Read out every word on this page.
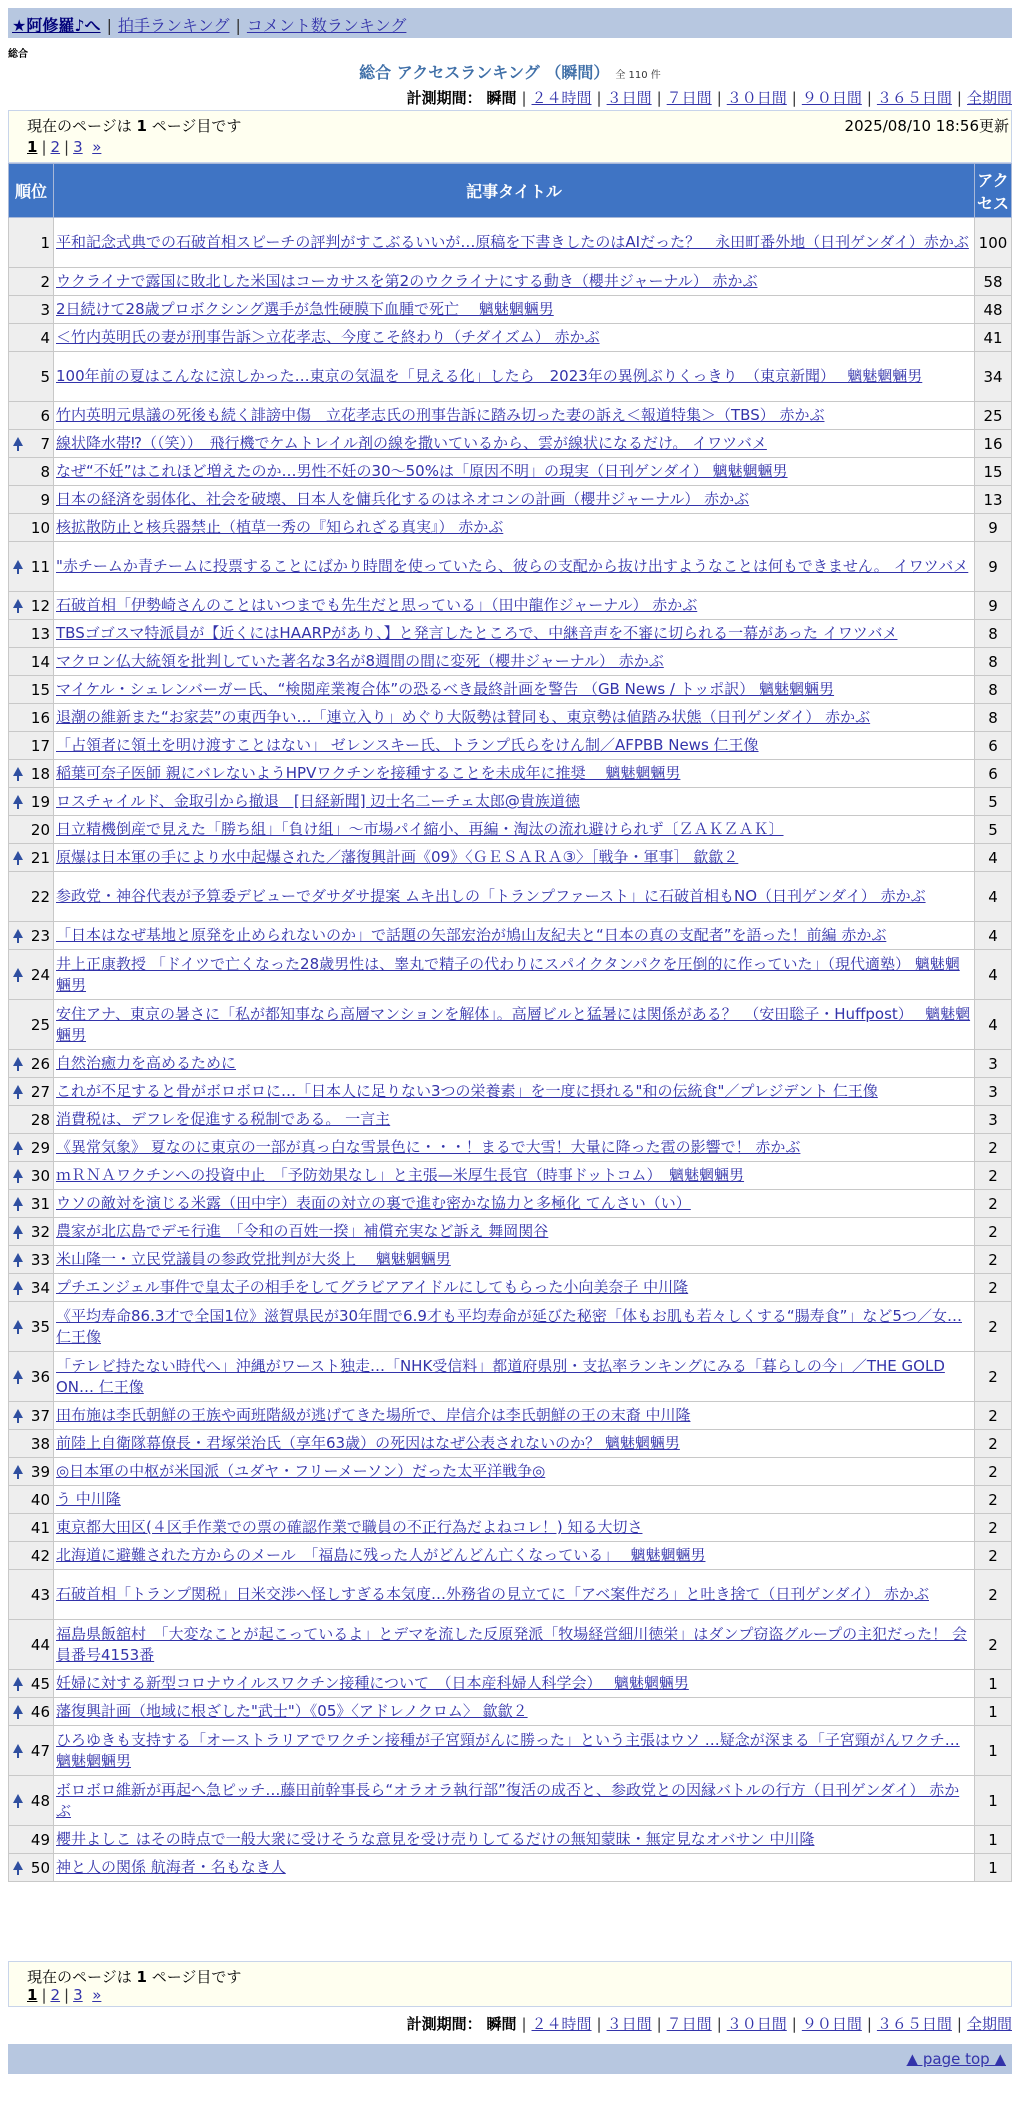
★阿修羅♪へ | 拍手ランキング | コメント数ランキング
総合
総合 アクセスランキング （瞬間） 全 110 件
計測期間： 瞬間 | ２４時間 | ３日間 | ７日間 | ３０日間 | ９０日間 | ３６５日間 | 全期間
現在のページは 1 ページ目です	2025/08/10 18:56更新
1 | 2 | 3 »
順位	記事タイトル	アクセス
1	平和記念式典での石破首相スピーチの評判がすこぶるいいが…原稿を下書きしたのはAIだった？　永田町番外地（日刊ゲンダイ）赤かぶ	100
2	ウクライナで露国に敗北した米国はコーカサスを第2のウクライナにする動き（櫻井ジャーナル） 赤かぶ	58
3	2日続けて28歳プロボクシング選手が急性硬膜下血腫で死亡　 魑魅魍魎男	48
4	＜竹内英明氏の妻が刑事告訴＞立花孝志、今度こそ終わり（チダイズム） 赤かぶ	41
5	100年前の夏はこんなに涼しかった…東京の気温を「見える化」したら　2023年の異例ぶりくっきり　（東京新聞）　 魑魅魍魎男	34
6	竹内英明元県議の死後も続く誹謗中傷　立花孝志氏の刑事告訴に踏み切った妻の訴え＜報道特集＞（TBS） 赤かぶ	25

7	線状降水帯⁉（（笑））　飛行機でケムトレイル剤の線を撒いているから、雲が線状になるだけ。 イワツバメ	16
8	なぜ“不妊”はこれほど増えたのか…男性不妊の30～50%は「原因不明」の現実（日刊ゲンダイ） 魑魅魍魎男	15
9	日本の経済を弱体化、社会を破壊、日本人を傭兵化するのはネオコンの計画（櫻井ジャーナル） 赤かぶ	13
10	核拡散防止と核兵器禁止（植草一秀の『知られざる真実』） 赤かぶ	9

11	"赤チームか青チームに投票することにばかり時間を使っていたら、彼らの支配から抜け出すようなことは何もできません。 イワツバメ	9

12	石破首相「伊勢崎さんのことはいつまでも先生だと思っている」（田中龍作ジャーナル） 赤かぶ	9
13	TBSゴゴスマ特派員が【近くにはHAARPがあり、】と発言したところで、中継音声を不審に切られる一幕があった イワツバメ	8
14	マクロン仏大統領を批判していた著名な3名が8週間の間に変死（櫻井ジャーナル） 赤かぶ	8
15	マイケル・シェレンバーガー氏、“検閲産業複合体”の恐るべき最終計画を警告 （GB News / トッポ訳） 魑魅魍魎男	8
16	退潮の維新また“お家芸”の東西争い…「連立入り」めぐり大阪勢は賛同も、東京勢は値踏み状態（日刊ゲンダイ） 赤かぶ	8
17	「占領者に領土を明け渡すことはない」 ゼレンスキー氏、トランプ氏らをけん制／AFPBB News 仁王像	6

18	稲葉可奈子医師 親にバレないようHPVワクチンを接種することを未成年に推奨　 魑魅魍魎男	6

19	ロスチャイルド、金取引から撤退　[日経新聞] 辺士名二ーチェ太郎@貴族道徳	5
20	日立精機倒産で見えた「勝ち組」「負け組」～市場パイ縮小、再編・淘汰の流れ避けられず〔ＺＡＫＺＡＫ〕	5

21	原爆は日本軍の手により水中起爆された／藩復興計画《09》〈ＧＥＳＡＲＡ③〉［戦争・軍事］ 歙歙２	4
22	参政党・神谷代表が予算委デビューでダサダサ提案 ムキ出しの「トランプファースト」に石破首相もNO（日刊ゲンダイ） 赤かぶ	4

23	「日本はなぜ基地と原発を止められないのか」で話題の矢部宏治が鳩山友紀夫と“日本の真の支配者”を語った！前編 赤かぶ	4

24	井上正康教授 「ドイツで亡くなった28歳男性は、睾丸で精子の代わりにスパイクタンパクを圧倒的に作っていた」（現代適塾） 魑魅魍魎男	4
25	安住アナ、東京の暑さに「私が都知事なら高層マンションを解体」。高層ビルと猛暑には関係がある？　（安田聡子・Huffpost）　 魑魅魍魎男	4

26	自然治癒力を高めるために	3

27	これが不足すると骨がボロボロに…「日本人に足りない3つの栄養素」を一度に摂れる"和の伝統食"／プレジデント 仁王像	3
28	消費税は、デフレを促進する税制である。 一言主	3

29	《異常気象》 夏なのに東京の一部が真っ白な雪景色に・・・！まるで大雪！大量に降った雹の影響で！ 赤かぶ	2

30	ｍＲＮＡワクチンへの投資中止　「予防効果なし」と主張—米厚生長官（時事ドットコム）　魑魅魍魎男	2

31	ウソの敵対を演じる米露（田中宇）表面の対立の裏で進む密かな協力と多極化 てんさい（い）	2

32	農家が北広島でデモ行進　「令和の百姓一揆」補償充実など訴え 舞岡関谷	2

33	米山隆一・立民党議員の参政党批判が大炎上　 魑魅魍魎男	2

34	プチエンジェル事件で皇太子の相手をしてグラビアアイドルにしてもらった小向美奈子 中川隆	2

35	《平均寿命86.3才で全国1位》滋賀県民が30年間で6.9才も平均寿命が延びた秘密「体もお肌も若々しくする“腸寿食”」など5つ／女… 仁王像	2

36	「テレビ持たない時代へ」沖縄がワースト独走…「NHK受信料」都道府県別・支払率ランキングにみる「暮らしの今」／THE GOLD ON… 仁王像	2

37	田布施は李氏朝鮮の王族や両班階級が逃げてきた場所で、岸信介は李氏朝鮮の王の末裔 中川隆	2
38	前陸上自衛隊幕僚長・君塚栄治氏（享年63歳）の死因はなぜ公表されないのか？ 魑魅魍魎男	2

39	◎日本軍の中枢が米国派（ユダヤ・フリーメーソン）だった太平洋戦争◎	2
40	う 中川隆	2
41	東京都大田区(４区手作業での票の確認作業で職員の不正行為だよねコレ！) 知る大切さ	2
42	北海道に避難された方からのメール　「福島に残った人がどんどん亡くなっている」　 魑魅魍魎男	2
43	石破首相「トランプ関税」日米交渉へ怪しすぎる本気度…外務省の見立てに「アベ案件だろ」と吐き捨て（日刊ゲンダイ） 赤かぶ	2
44	福島県飯舘村　「大変なことが起こっているよ」とデマを流した反原発派「牧場経営細川徳栄」はダンプ窃盗グループの主犯だった！ 会員番号4153番	2

45	妊婦に対する新型コロナウイルスワクチン接種について　（日本産科婦人科学会）　 魑魅魍魎男	1

46	藩復興計画（地域に根ざした"武士"）《05》〈アドレノクロム〉 歙歙２	1

47	ひろゆきも支持する「オーストラリアでワクチン接種が子宮頸がんに勝った」という主張はウソ …疑念が深まる「子宮頸がんワクチ… 魑魅魍魎男	1

48	ボロボロ維新が再起へ急ピッチ…藤田前幹事長ら“オラオラ執行部”復活の成否と、参政党との因縁バトルの行方（日刊ゲンダイ） 赤かぶ	1
49	櫻井よしこ はその時点で一般大衆に受けそうな意見を受け売りしてるだけの無知蒙昧・無定見なオバサン 中川隆	1

50	神と人の関係 航海者・名もなき人	1
現在のページは 1 ページ目です
1 | 2 | 3 »
計測期間： 瞬間 | ２４時間 | ３日間 | ７日間 | ３０日間 | ９０日間 | ３６５日間 | 全期間
▲ page top ▲
